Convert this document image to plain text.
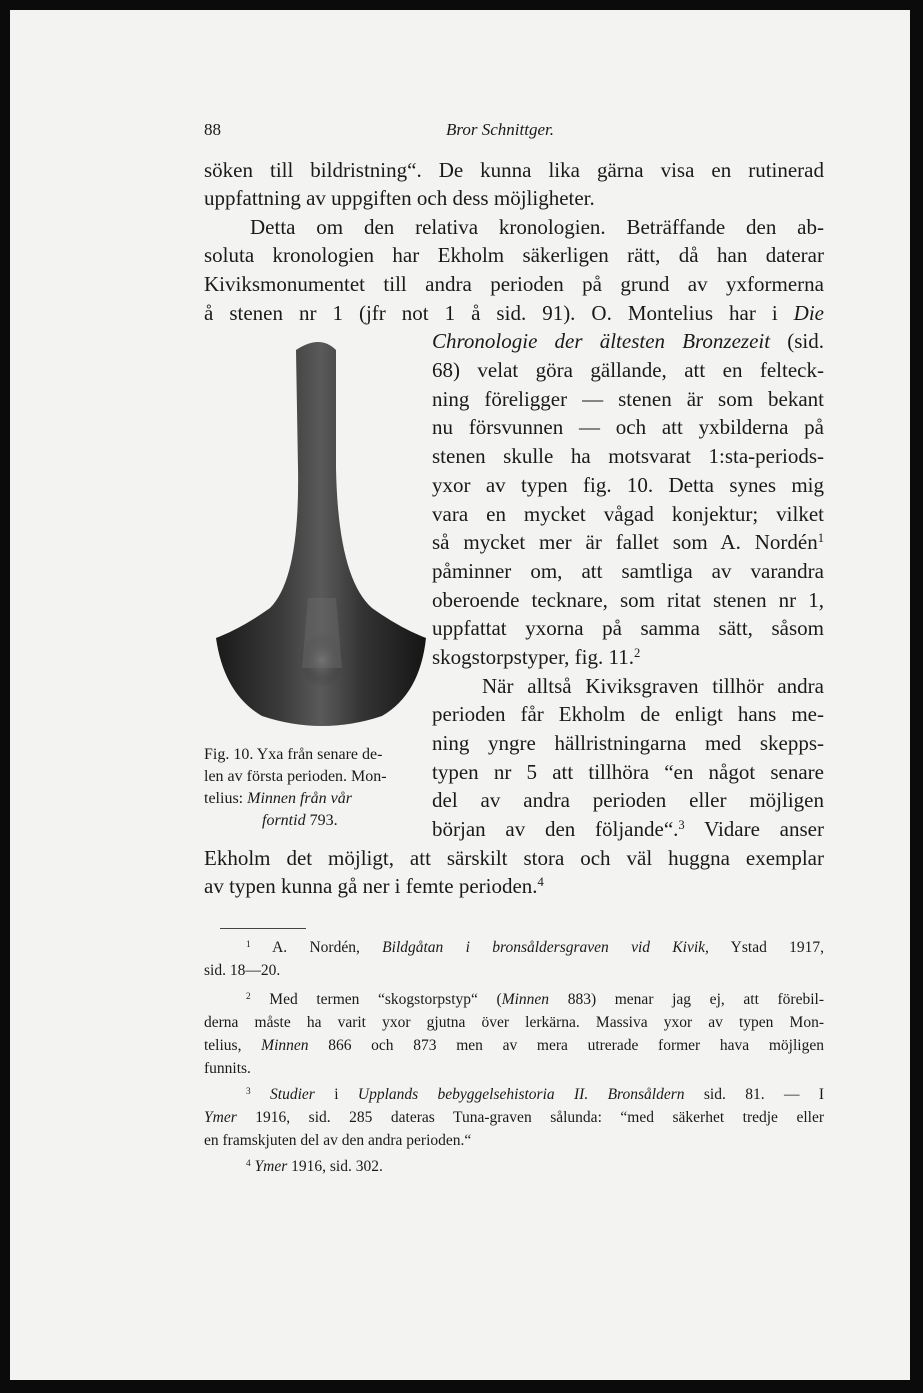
88	Bror Schnittger.
söken till bildristning“. De kunna lika gärna visa en rutinerad
uppfattning av uppgiften och dess möjligheter.
Detta om den relativa kronologien. Beträffande den ab-
soluta kronologien har Ekholm säkerligen rätt, då han daterar
Kiviksmonumentet till andra perioden på grund av yxformerna
å stenen nr 1 (jfr not 1 å sid. 91). O. Montelius har i Die
Chronologie der ältesten Bronzezeit (sid.
68) velat göra gällande, att en felteck-
ning föreligger — stenen är som bekant
nu försvunnen — och att yxbilderna på
stenen skulle ha motsvarat 1:sta-periods-
yxor av typen fig. 10. Detta synes mig
vara en mycket vågad konjektur; vilket
så mycket mer är fallet som A. Nordén$^1$
påminner om, att samtliga av varandra
oberoende tecknare, som ritat stenen nr 1,
uppfattat yxorna på samma sätt, såsom
skogstorpstyper, fig. 11.$^2$
När alltså Kiviksgraven tillhör andra
perioden får Ekholm de enligt hans me-
ning yngre hällristningarna med skepps-
typen nr 5 att tillhöra “en något senare
del av andra perioden eller möjligen
början av den följande“.$^3$ Vidare anser
Ekholm det möjligt, att särskilt stora och väl huggna exemplar
av typen kunna gå ner i femte perioden.$^4$
Fig. 10. Yxa från senare de-
len av första perioden. Mon-
telius: Minnen från vår
forntid 793.
$^1$ A. Nordén, Bildgåtan i bronsåldersgraven vid Kivik, Ystad 1917,
sid. 18—20.
$^2$ Med termen “skogstorpstyp“ (Minnen 883) menar jag ej, att förebil-
derna måste ha varit yxor gjutna över lerkärna. Massiva yxor av typen Mon-
telius, Minnen 866 och 873 men av mera utrerade former hava möjligen
funnits.
$^3$ Studier i Upplands bebyggelsehistoria II. Bronsåldern sid. 81. — I
Ymer 1916, sid. 285 dateras Tuna-graven sålunda: “med säkerhet tredje eller
en framskjuten del av den andra perioden.“
$^4$ Ymer 1916, sid. 302.
